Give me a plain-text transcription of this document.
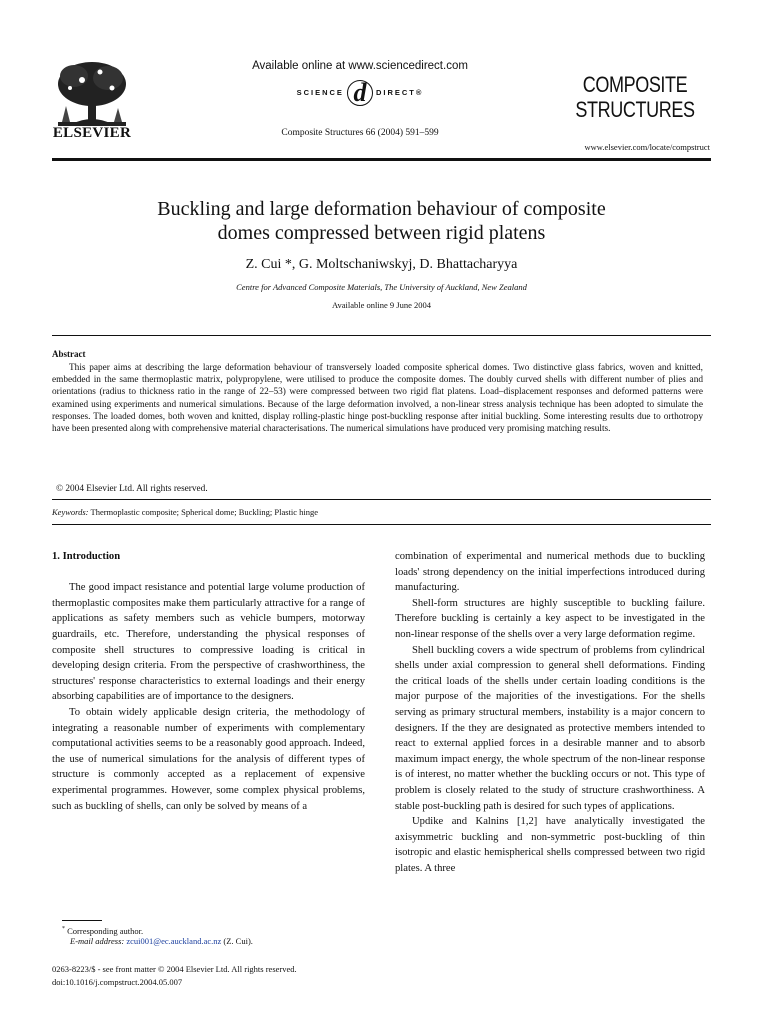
ELSEVIER
Available online at www.sciencedirect.com
SCIENCE d DIRECT®
Composite Structures 66 (2004) 591–599
COMPOSITE
STRUCTURES
www.elsevier.com/locate/compstruct
Buckling and large deformation behaviour of composite
domes compressed between rigid platens
Z. Cui *, G. Moltschaniwskyj, D. Bhattacharyya
Centre for Advanced Composite Materials, The University of Auckland, New Zealand
Available online 9 June 2004
Abstract
This paper aims at describing the large deformation behaviour of transversely loaded composite spherical domes. Two distinctive glass fabrics, woven and knitted, embedded in the same thermoplastic matrix, polypropylene, were utilised to produce the composite domes. The doubly curved shells with different number of plies and orientations (radius to thickness ratio in the range of 22–53) were compressed between two rigid flat platens. Load–displacement responses and deformed patterns were examined using experiments and numerical simulations. Because of the large deformation involved, a non-linear stress analysis technique has been adopted to simulate the responses. The loaded domes, both woven and knitted, display rolling-plastic hinge post-buckling response after initial buckling. Some interesting results due to orthotropy have been presented along with comprehensive material characterisations. The numerical simulations have produced very promising matching results.
© 2004 Elsevier Ltd. All rights reserved.
Keywords: Thermoplastic composite; Spherical dome; Buckling; Plastic hinge
1. Introduction

The good impact resistance and potential large volume production of thermoplastic composites make them particularly attractive for a range of applications as safety members such as vehicle bumpers, motorway guardrails, etc. Therefore, understanding the physical responses of composite shell structures to compressive loading is critical in developing design criteria. From the perspective of crashworthiness, the structures' response characteristics to external loadings and their energy absorbing capabilities are of importance to the designers.

To obtain widely applicable design criteria, the methodology of integrating a reasonable number of experiments with complementary computational activities seems to be a reasonably good approach. Indeed, the use of numerical simulations for the analysis of different types of structure is commonly accepted as a replacement of expensive experimental programmes. However, some complex physical problems, such as buckling of shells, can only be solved by means of a

combination of experimental and numerical methods due to buckling loads' strong dependency on the initial imperfections introduced during manufacturing.

Shell-form structures are highly susceptible to buckling failure. Therefore buckling is certainly a key aspect to be investigated in the non-linear response of the shells over a very large deformation regime.

Shell buckling covers a wide spectrum of problems from cylindrical shells under axial compression to general shell deformations. Finding the critical loads of the shells under certain loading conditions is the major purpose of the majorities of the investigations. For the shells serving as primary structural members, instability is a major concern to designers. If the they are designated as protective members intended to react to external applied forces in a desirable manner and to absorb maximum impact energy, the whole spectrum of the non-linear response is of interest, no matter whether the buckling occurs or not. This type of problem is closely related to the study of structure crashworthiness. A stable post-buckling path is desired for such types of applications.

Updike and Kalnins [1,2] have analytically investigated the axisymmetric buckling and non-symmetric post-buckling of thin isotropic and elastic hemispherical shells compressed between two rigid plates. A three

* Corresponding author.
E-mail address: zcui001@ec.auckland.ac.nz (Z. Cui).
0263-8223/$ - see front matter © 2004 Elsevier Ltd. All rights reserved.
doi:10.1016/j.compstruct.2004.05.007
